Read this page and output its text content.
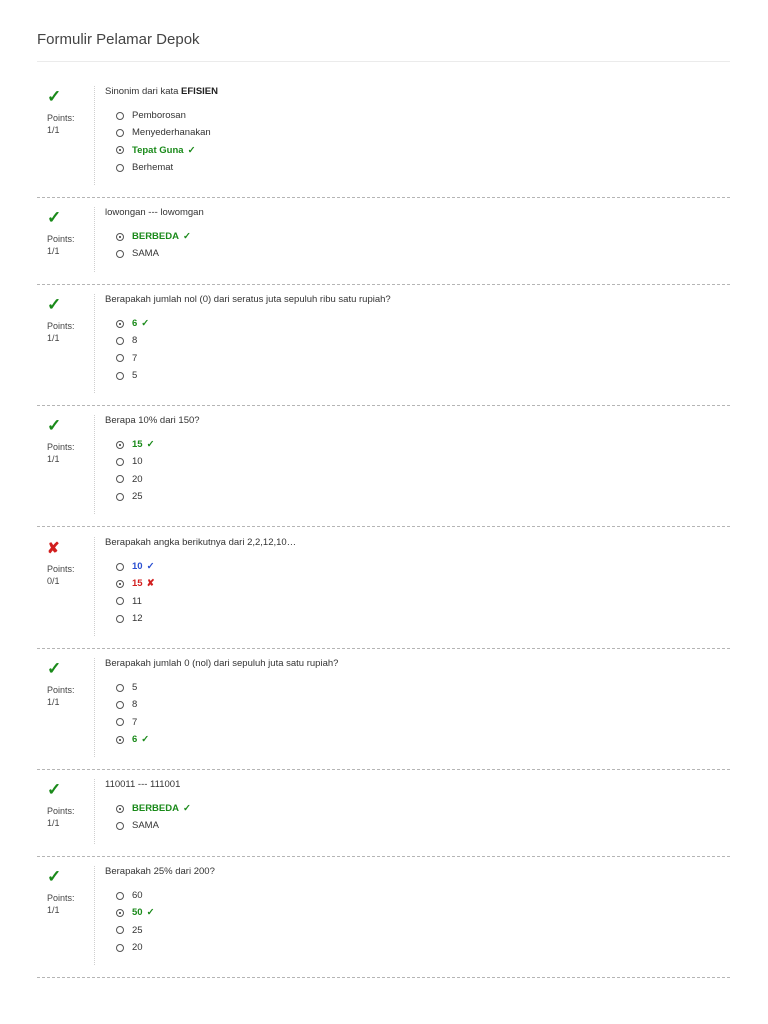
Formulir Pelamar Depok
✓
Points:
1/1
Sinonim dari kata EFISIEN
Pemborosan
Menyederhanakan
Tepat Guna ✓
Berhemat
✓
Points:
1/1
lowongan --- lowomgan
BERBEDA ✓
SAMA
✓
Points:
1/1
Berapakah jumlah nol (0) dari seratus juta sepuluh ribu satu rupiah?
6 ✓
8
7
5
✓
Points:
1/1
Berapa 10% dari 150?
15 ✓
10
20
25
✘
Points:
0/1
Berapakah angka berikutnya dari 2,2,12,10…
10 ✓
15 ✘
11
12
✓
Points:
1/1
Berapakah jumlah 0 (nol) dari sepuluh juta satu rupiah?
5
8
7
6 ✓
✓
Points:
1/1
110011 --- 111001
BERBEDA ✓
SAMA
✓
Points:
1/1
Berapakah 25% dari 200?
60
50 ✓
25
20
